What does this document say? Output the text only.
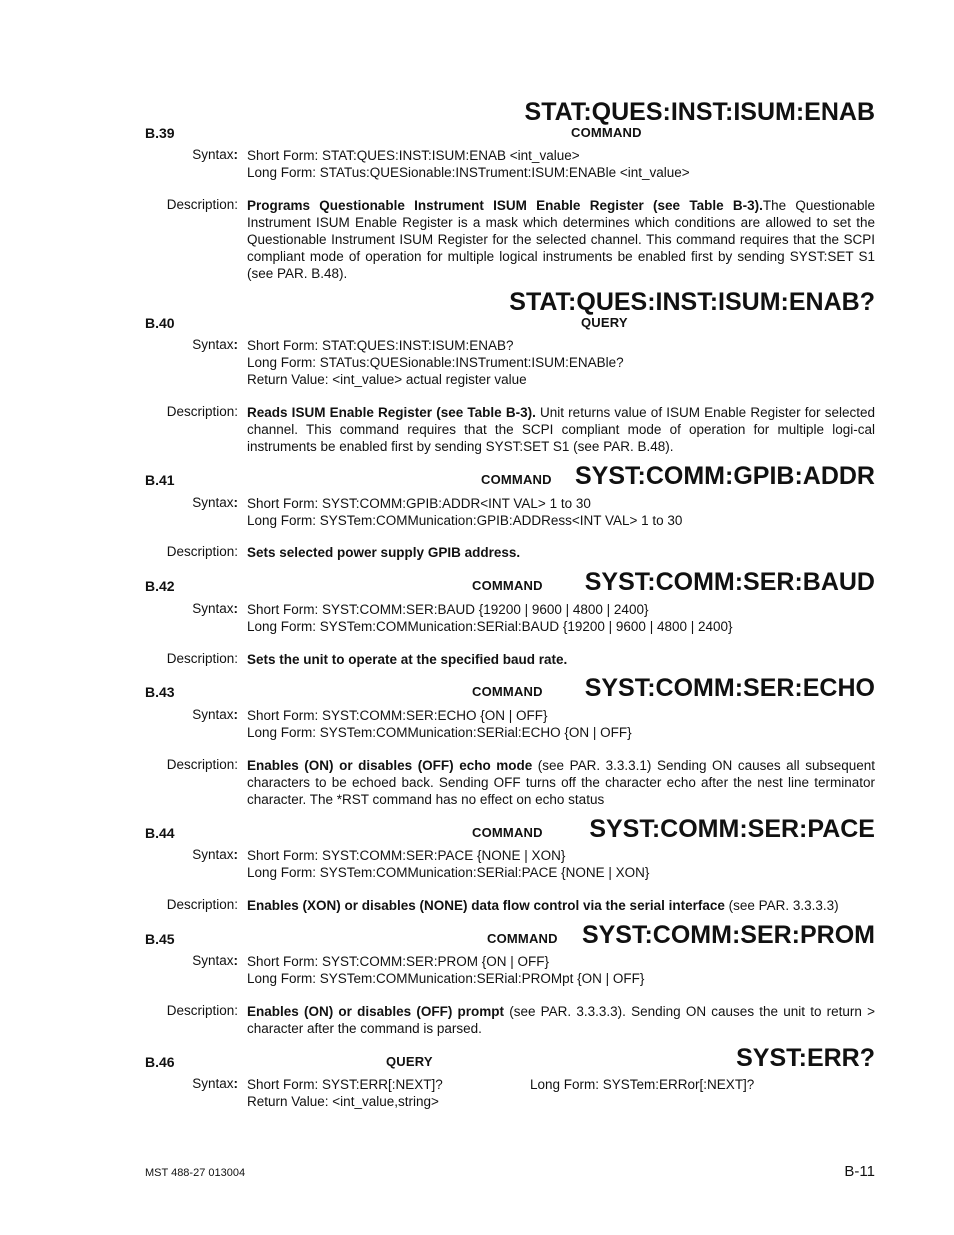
STAT:QUES:INST:ISUM:ENAB
B.39	COMMAND
Syntax: Short Form: STAT:QUES:INST:ISUM:ENAB <int_value>
Long Form: STATus:QUESionable:INSTrument:ISUM:ENABle <int_value>
Description: Programs Questionable Instrument ISUM Enable Register (see Table B-3).The Questionable Instrument ISUM Enable Register is a mask which determines which conditions are allowed to set the Questionable Instrument ISUM Register for the selected channel. This command requires that the SCPI compliant mode of operation for multiple logical instruments be enabled first by sending SYST:SET S1 (see PAR. B.48).
STAT:QUES:INST:ISUM:ENAB?
B.40	QUERY
Syntax: Short Form: STAT:QUES:INST:ISUM:ENAB?
Long Form: STATus:QUESionable:INSTrument:ISUM:ENABle?
Return Value: <int_value> actual register value
Description: Reads ISUM Enable Register (see Table B-3). Unit returns value of ISUM Enable Register for selected channel. This command requires that the SCPI compliant mode of operation for multiple logi-cal instruments be enabled first by sending SYST:SET S1 (see PAR. B.48).
B.41	COMMAND SYST:COMM:GPIB:ADDR
Syntax: Short Form: SYST:COMM:GPIB:ADDR<INT VAL> 1 to 30
Long Form: SYSTem:COMMunication:GPIB:ADDRess<INT VAL> 1 to 30
Description: Sets selected power supply GPIB address.
B.42	COMMAND SYST:COMM:SER:BAUD
Syntax: Short Form: SYST:COMM:SER:BAUD {19200 | 9600 | 4800 | 2400}
Long Form: SYSTem:COMMunication:SERial:BAUD {19200 | 9600 | 4800 | 2400}
Description: Sets the unit to operate at the specified baud rate.
B.43	COMMAND SYST:COMM:SER:ECHO
Syntax: Short Form: SYST:COMM:SER:ECHO {ON | OFF}
Long Form: SYSTem:COMMunication:SERial:ECHO {ON | OFF}
Description: Enables (ON) or disables (OFF) echo mode (see PAR. 3.3.3.1) Sending ON causes all subsequent characters to be echoed back. Sending OFF turns off the character echo after the nest line terminator character. The *RST command has no effect on echo status
B.44	COMMAND SYST:COMM:SER:PACE
Syntax: Short Form: SYST:COMM:SER:PACE {NONE | XON}
Long Form: SYSTem:COMMunication:SERial:PACE {NONE | XON}
Description: Enables (XON) or disables (NONE) data flow control via the serial interface (see PAR. 3.3.3.3)
B.45	COMMAND SYST:COMM:SER:PROM
Syntax: Short Form: SYST:COMM:SER:PROM {ON | OFF}
Long Form: SYSTem:COMMunication:SERial:PROMpt {ON | OFF}
Description: Enables (ON) or disables (OFF) prompt (see PAR. 3.3.3.3). Sending ON causes the unit to return > character after the command is parsed.
B.46	QUERY	SYST:ERR?
Syntax: Short Form: SYST:ERR[:NEXT]?	Long Form: SYSTem:ERRor[:NEXT]?
Return Value: <int_value,string>
MST 488-27 013004	B-11
